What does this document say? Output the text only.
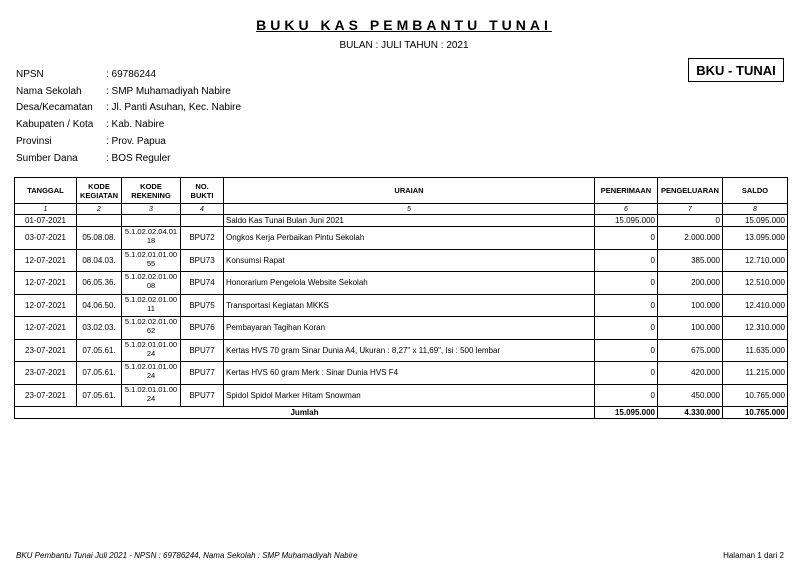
BUKU KAS PEMBANTU TUNAI
BULAN : JULI TAHUN : 2021
BKU - TUNAI
NPSN	: 69786244
Nama Sekolah	: SMP Muhamadiyah Nabire
Desa/Kecamatan	: Jl. Panti Asuhan, Kec. Nabire
Kabupaten / Kota	: Kab. Nabire
Provinsi	: Prov. Papua
Sumber Dana	: BOS Reguler
TANGGAL	KODE KEGIATAN	KODE REKENING	NO. BUKTI	URAIAN	PENERIMAAN	PENGELUARAN	SALDO
1	2	3	4	5	6	7	8
01-07-2021				Saldo Kas Tunai Bulan Juni 2021	15.095.000	0	15.095.000
03-07-2021	05.08.08.	5.1.02.02.04.01 18	BPU72	Ongkos Kerja Perbaikan Pintu Sekolah	0	2.000.000	13.095.000
12-07-2021	08.04.03.	5.1.02.01.01.00 55	BPU73	Konsumsi Rapat	0	385.000	12.710.000
12-07-2021	06.05.36.	5.1.02.02.01.00 08	BPU74	Honorarium Pengelola Website Sekolah	0	200.000	12.510.000
12-07-2021	04.06.50.	5.1.02.02.01.00 11	BPU75	Transportasi Kegiatan MKKS	0	100.000	12.410.000
12-07-2021	03.02.03.	5.1.02.02.01.00 62	BPU76	Pembayaran Tagihan Koran	0	100.000	12.310.000
23-07-2021	07.05.61.	5.1.02.01.01.00 24	BPU77	Kertas HVS 70 gram Sinar Dunia A4, Ukuran : 8,27" x 11,69", Isi : 500 lembar	0	675.000	11.635.000
23-07-2021	07.05.61.	5.1.02.01.01.00 24	BPU77	Kertas HVS 60 gram Merk : Sinar Dunia HVS F4	0	420.000	11.215.000
23-07-2021	07.05.61.	5.1.02.01.01.00 24	BPU77	Spidol Spidol Marker Hitam Snowman	0	450.000	10.765.000
Jumlah					15.095.000	4.330.000	10.765.000
BKU Pembantu Tunai Juli 2021 - NPSN : 69786244, Nama Sekolah : SMP Muhamadiyah Nabire	Halaman 1 dari 2
